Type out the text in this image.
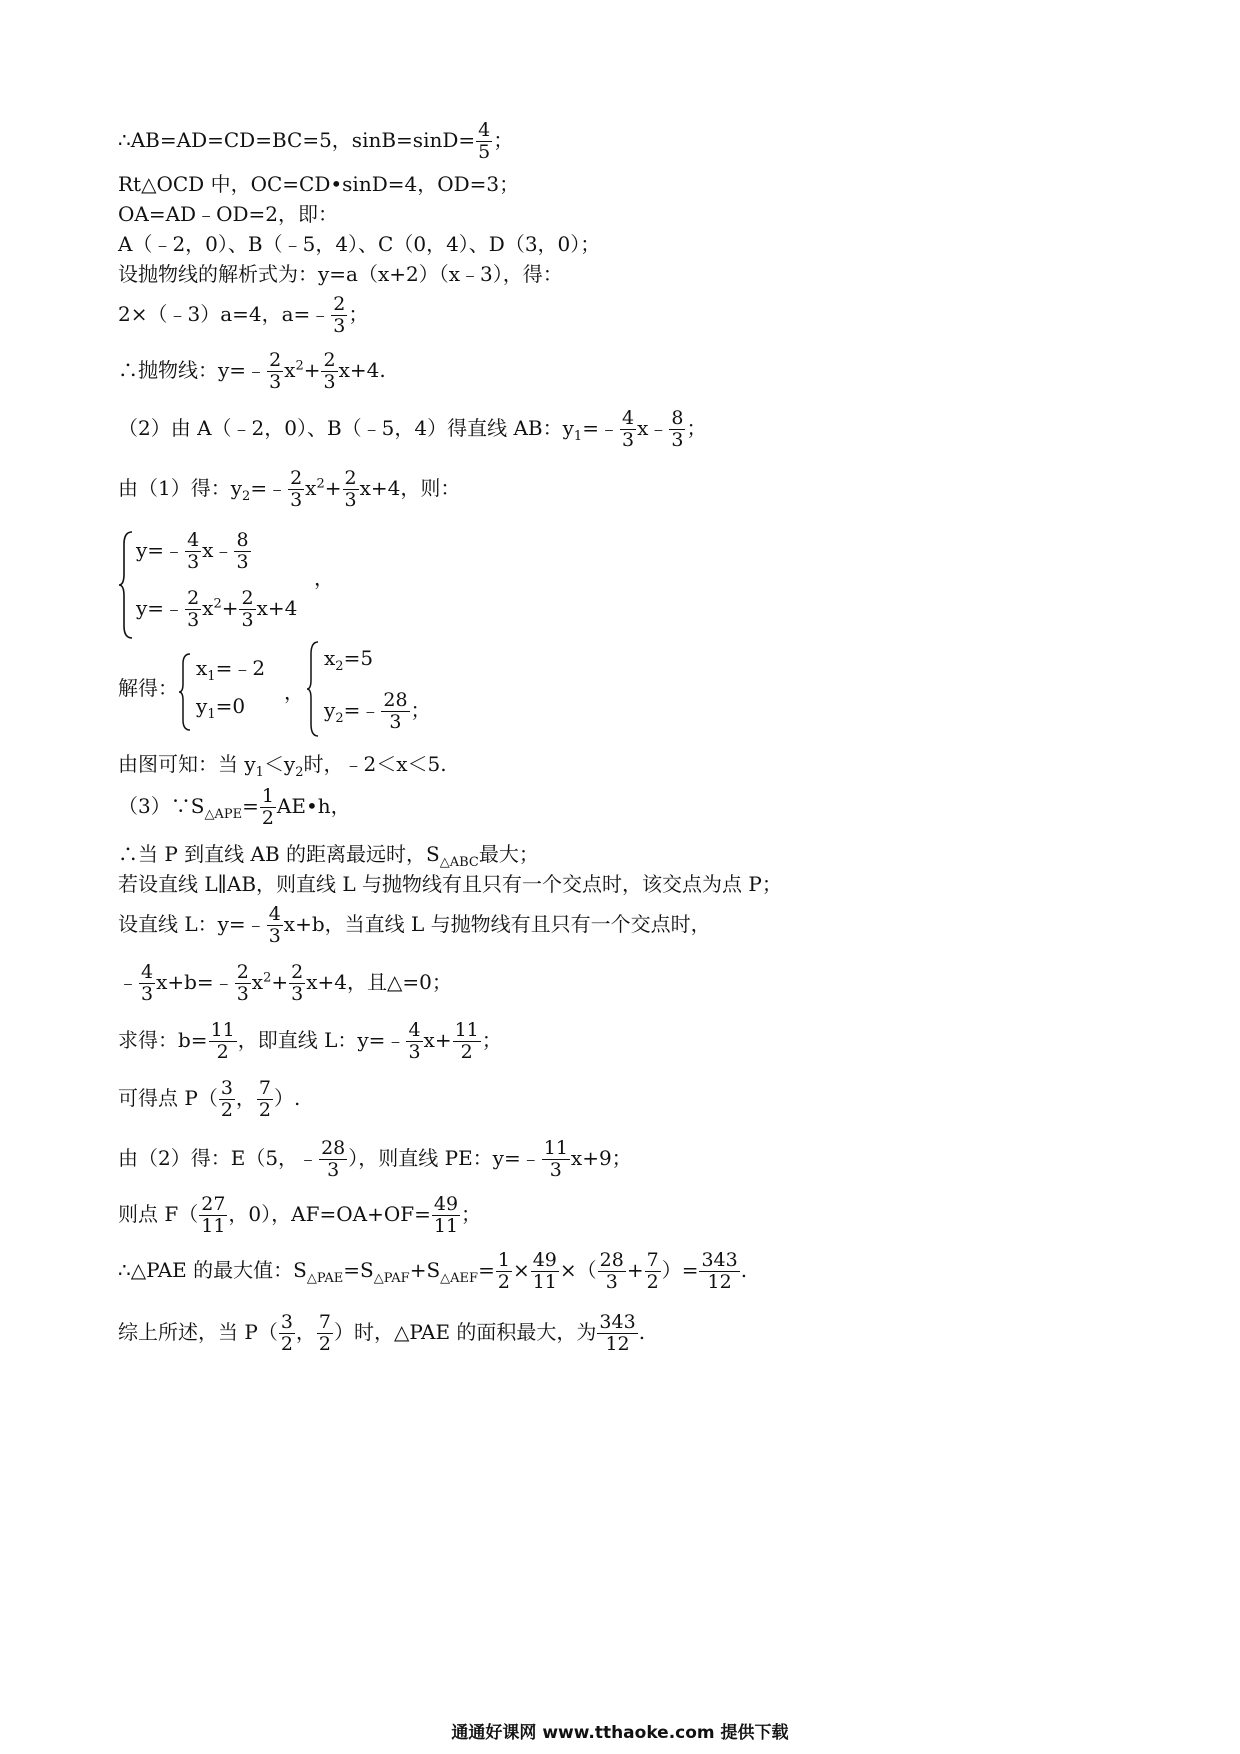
∴AB=AD=CD=BC=5，$\sin B=\sin D= \frac{4}{5}$ ；
Rt△OCD 中，OC=CD•sinD=4，OD=3；
OA=AD﹣OD=2，即：
A（﹣2，0）、B（﹣5，4）、C（0，4）、D（3，0）；
设抛物线的解析式为：y=a（x+2）（x﹣3），得：
2×（﹣3）a=4，a=﹣ $\frac{2}{3}$ ；
∴抛物线：y=﹣ $\frac{2}{3} x^2+ \frac{2}{3} x+4$.
（2）由 A（﹣2，0）、B（﹣5，4）得直线 AB：$y_1=﹣ \frac{4}{3}$ x﹣ $\frac{8}{3}$ ；
由（1）得：$y_2=﹣ \frac{2}{3} x^2+ \frac{2}{3} x+4$，则：
y=﹣ $\frac{4}{3}$ x﹣ $\frac{8}{3}$
y=﹣ $\frac{2}{3} x^2+ \frac{2}{3} x+4$
，
解得：
$x_1=﹣2$
$y_1=0$
，
$x_2=5$
$y_2=﹣ \frac{28}{3}$ ；
由图可知：当 $y_1<y_2$时，﹣2＜x＜5.
$(3)\because S_{\triangle APE}= \frac{1}{2}$ AE•h，
∴当 P 到直线 AB 的距离最远时，$S_{\triangle ABC}$最大；
若设直线 L∥AB，则直线 L 与抛物线有且只有一个交点时，该交点为点 P；
设直线 L：y=﹣ $\frac{4}{3} x+b$，当直线 L 与抛物线有且只有一个交点时，
﹣ $\frac{4}{3}$ x+b=﹣ $\frac{2}{3} x^2+ \frac{2}{3} x+4$，且△=0；
求得：$b= \frac{11}{2}$ ，即直线 L：y=﹣ $\frac{4}{3} x+ \frac{11}{2}$ ；
可得点 $P( \frac{3}{2}$ ， $\frac{7}{2}$ ）.
由（2）得：E（5，﹣ $\frac{28}{3}$ ），则直线 PE：y=﹣ $\frac{11}{3} x+9$；
则点 $F( \frac{27}{11}$ ，0），$AF=OA+OF= \frac{49}{11}$ ；
∴△PAE 的最大值：$S_{\triangle PAE}=S_{\triangle PAF}+S_{\triangle AEF}= \frac{1}{2} \times \frac{49}{11}$ ×（ $\frac{28}{3} + \frac{7}{2}$ ）= $\frac{343}{12}$ .
综上所述，当 $P( \frac{3}{2}$ ， $\frac{7}{2}$ ）时，△PAE 的面积最大，为 $\frac{343}{12}$ .
通通好课网 www.tthaoke.com 提供下载
